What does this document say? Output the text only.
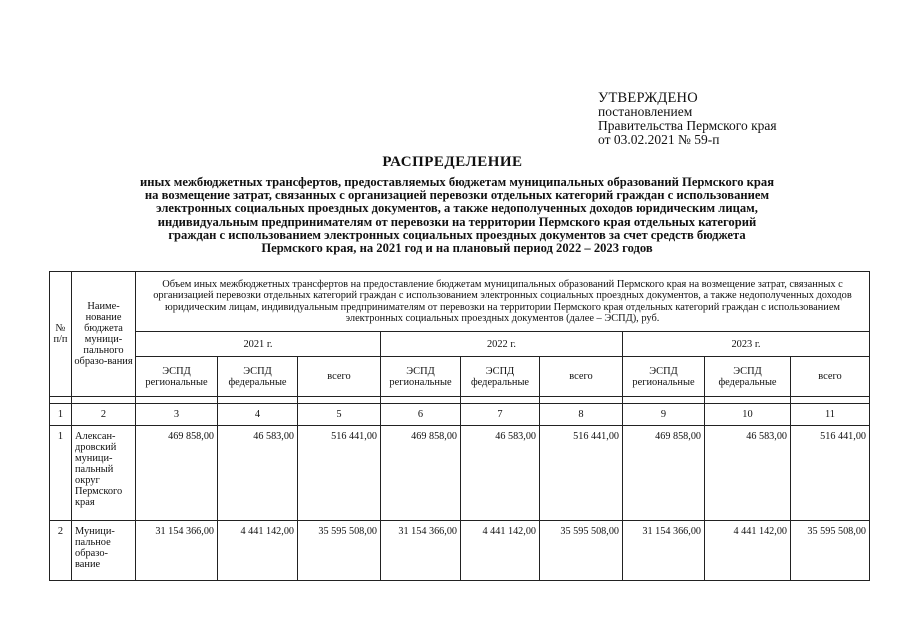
УТВЕРЖДЕНО
постановлением
Правительства Пермского края
от 03.02.2021 № 59-п
РАСПРЕДЕЛЕНИЕ
иных межбюджетных трансфертов, предоставляемых бюджетам муниципальных образований Пермского края
на возмещение затрат, связанных с организацией перевозки отдельных категорий граждан с использованием
электронных социальных проездных документов, а также недополученных доходов юридическим лицам,
индивидуальным предпринимателям от перевозки на территории Пермского края отдельных категорий
граждан с использованием электронных социальных проездных документов за счет средств бюджета
Пермского края, на 2021 год и на плановый период 2022 – 2023 годов
№ п/п	Наиме-нование бюджета муници-пального образо-вания	Объем иных межбюджетных трансфертов на предоставление бюджетам муниципальных образований Пермского края на возмещение затрат, связанных с организацией перевозки отдельных категорий граждан с использованием электронных социальных проездных документов, а также недополученных доходов юридическим лицам, индивидуальным предпринимателям от перевозки на территории Пермского края отдельных категорий граждан с использованием электронных социальных проездных документов (далее – ЭСПД), руб.								
		2021 г.			2022 г.			2023 г.		
		ЭСПД региональные	ЭСПД федеральные	всего	ЭСПД региональные	ЭСПД федеральные	всего	ЭСПД региональные	ЭСПД федеральные	всего

1	2	3	4	5	6	7	8	9	10	11
1	Алексан-дровский муници-пальный округ Пермского края	469 858,00	46 583,00	516 441,00	469 858,00	46 583,00	516 441,00	469 858,00	46 583,00	516 441,00
2	Муници-пальное образо-вание	31 154 366,00	4 441 142,00	35 595 508,00	31 154 366,00	4 441 142,00	35 595 508,00	31 154 366,00	4 441 142,00	35 595 508,00
